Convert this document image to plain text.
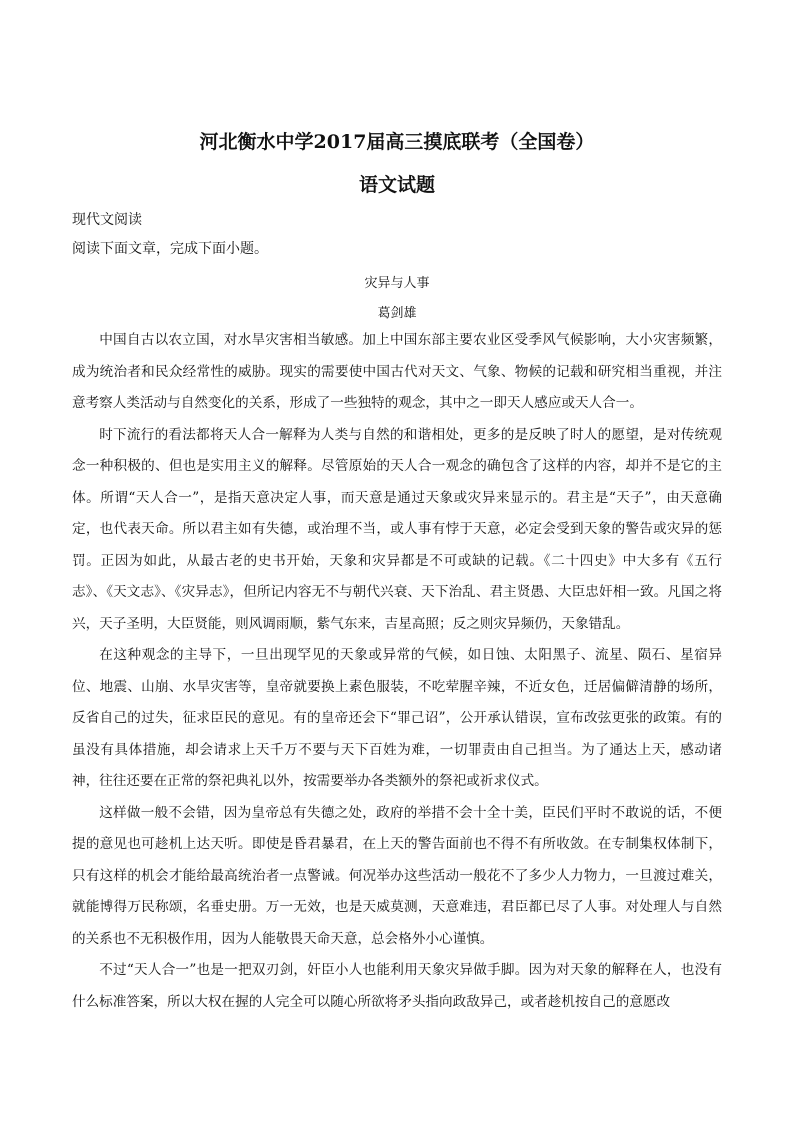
河北衡水中学2017届高三摸底联考（全国卷）
语文试题

现代文阅读

阅读下面文章，完成下面小题。

灾异与人事

葛剑雄

中国自古以农立国，对水旱灾害相当敏感。加上中国东部主要农业区受季风气候影响，大小灾害频繁，成为统治者和民众经常性的威胁。现实的需要使中国古代对天文、气象、物候的记载和研究相当重视，并注意考察人类活动与自然变化的关系，形成了一些独特的观念，其中之一即天人感应或天人合一。

时下流行的看法都将天人合一解释为人类与自然的和谐相处，更多的是反映了时人的愿望，是对传统观念一种积极的、但也是实用主义的解释。尽管原始的天人合一观念的确包含了这样的内容，却并不是它的主体。所谓“天人合一”，是指天意决定人事，而天意是通过天象或灾异来显示的。君主是“天子”，由天意确定，也代表天命。所以君主如有失德，或治理不当，或人事有悖于天意，必定会受到天象的警告或灾异的惩罚。正因为如此，从最古老的史书开始，天象和灾异都是不可或缺的记载。《二十四史》中大多有《五行志》、《天文志》、《灾异志》，但所记内容无不与朝代兴衰、天下治乱、君主贤愚、大臣忠奸相一致。凡国之将兴，天子圣明，大臣贤能，则风调雨顺，紫气东来，吉星高照；反之则灾异频仍，天象错乱。

在这种观念的主导下，一旦出现罕见的天象或异常的气候，如日蚀、太阳黑子、流星、陨石、星宿异位、地震、山崩、水旱灾害等，皇帝就要换上素色服装，不吃荤腥辛辣，不近女色，迁居偏僻清静的场所，反省自己的过失，征求臣民的意见。有的皇帝还会下“罪己诏”，公开承认错误，宣布改弦更张的政策。有的虽没有具体措施，却会请求上天千万不要与天下百姓为难，一切罪责由自己担当。为了通达上天，感动诸神，往往还要在正常的祭祀典礼以外，按需要举办各类额外的祭祀或祈求仪式。

这样做一般不会错，因为皇帝总有失德之处，政府的举措不会十全十美，臣民们平时不敢说的话，不便提的意见也可趁机上达天听。即使是昏君暴君，在上天的警告面前也不得不有所收敛。在专制集权体制下，只有这样的机会才能给最高统治者一点警诫。何况举办这些活动一般花不了多少人力物力，一旦渡过难关，就能博得万民称颂，名垂史册。万一无效，也是天威莫测，天意难违，君臣都已尽了人事。对处理人与自然的关系也不无积极作用，因为人能敬畏天命天意，总会格外小心谨慎。

不过“天人合一”也是一把双刃剑，奸臣小人也能利用天象灾异做手脚。因为对天象的解释在人，也没有什么标准答案，所以大权在握的人完全可以随心所欲将矛头指向政敌异己，或者趁机按自己的意愿改
